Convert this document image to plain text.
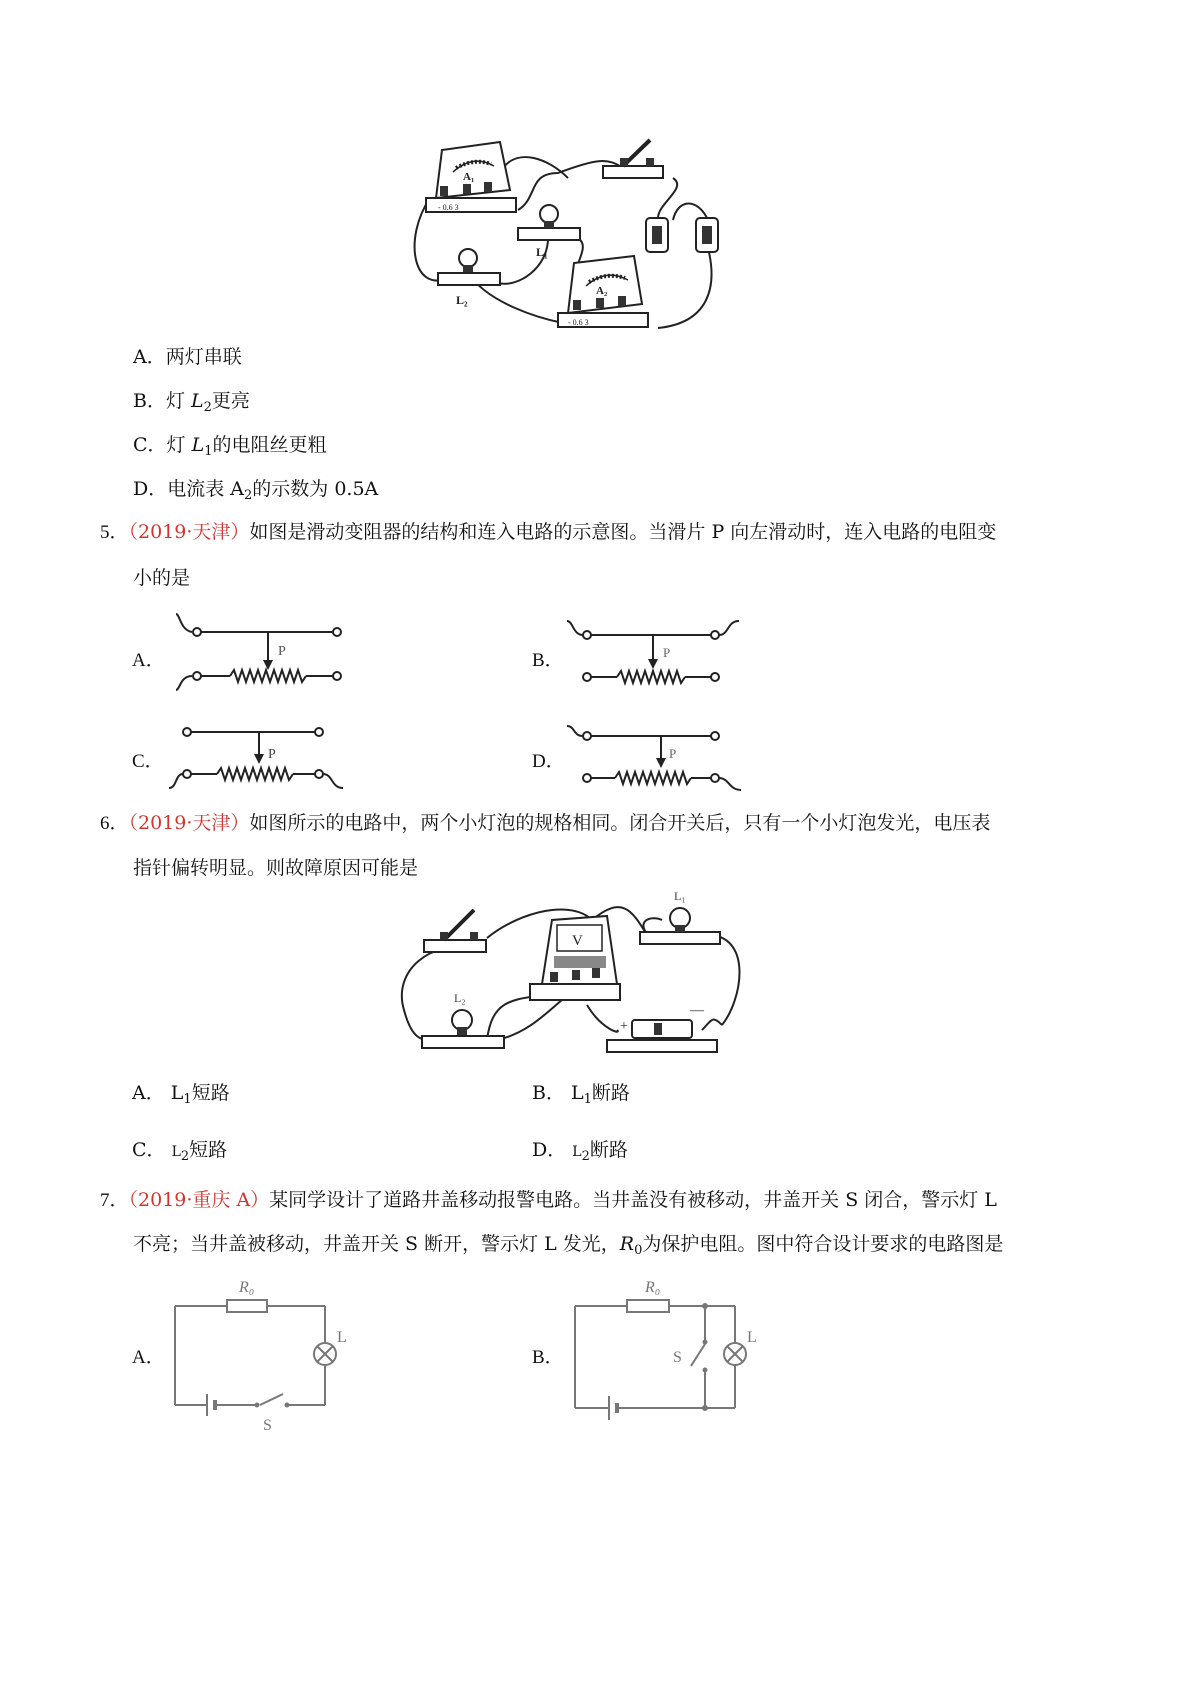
A₁
- 0.6 3
L₁
L₂
A₂
- 0.6 3
A．两灯串联
B．灯 $L_2$更亮
C．灯 $L_1$的电阻丝更粗
D．电流表 $A_2$的示数为 0.5A
5．（2019·天津）如图是滑动变阻器的结构和连入电路的示意图。当滑片 P 向左滑动时，连入电路的电阻变
小的是
A．	B．
C．	D．
P	P
P	P
6．（2019·天津）如图所示的电路中，两个小灯泡的规格相同。闭合开关后，只有一个小灯泡发光，电压表
指针偏转明显。则故障原因可能是
V
L₁
L₂
+
—
A． $L_1$短路	B． $L_1$断路
C． $L_2$短路	D． $L_2$断路
7．（2019·重庆 A）某同学设计了道路井盖移动报警电路。当井盖没有被移动，井盖开关 S 闭合，警示灯 L
不亮；当井盖被移动，井盖开关 S 断开，警示灯 L 发光，$R_0$为保护电阻。图中符合设计要求的电路图是
A．	B．
R₀
L
S
R₀
L
S
